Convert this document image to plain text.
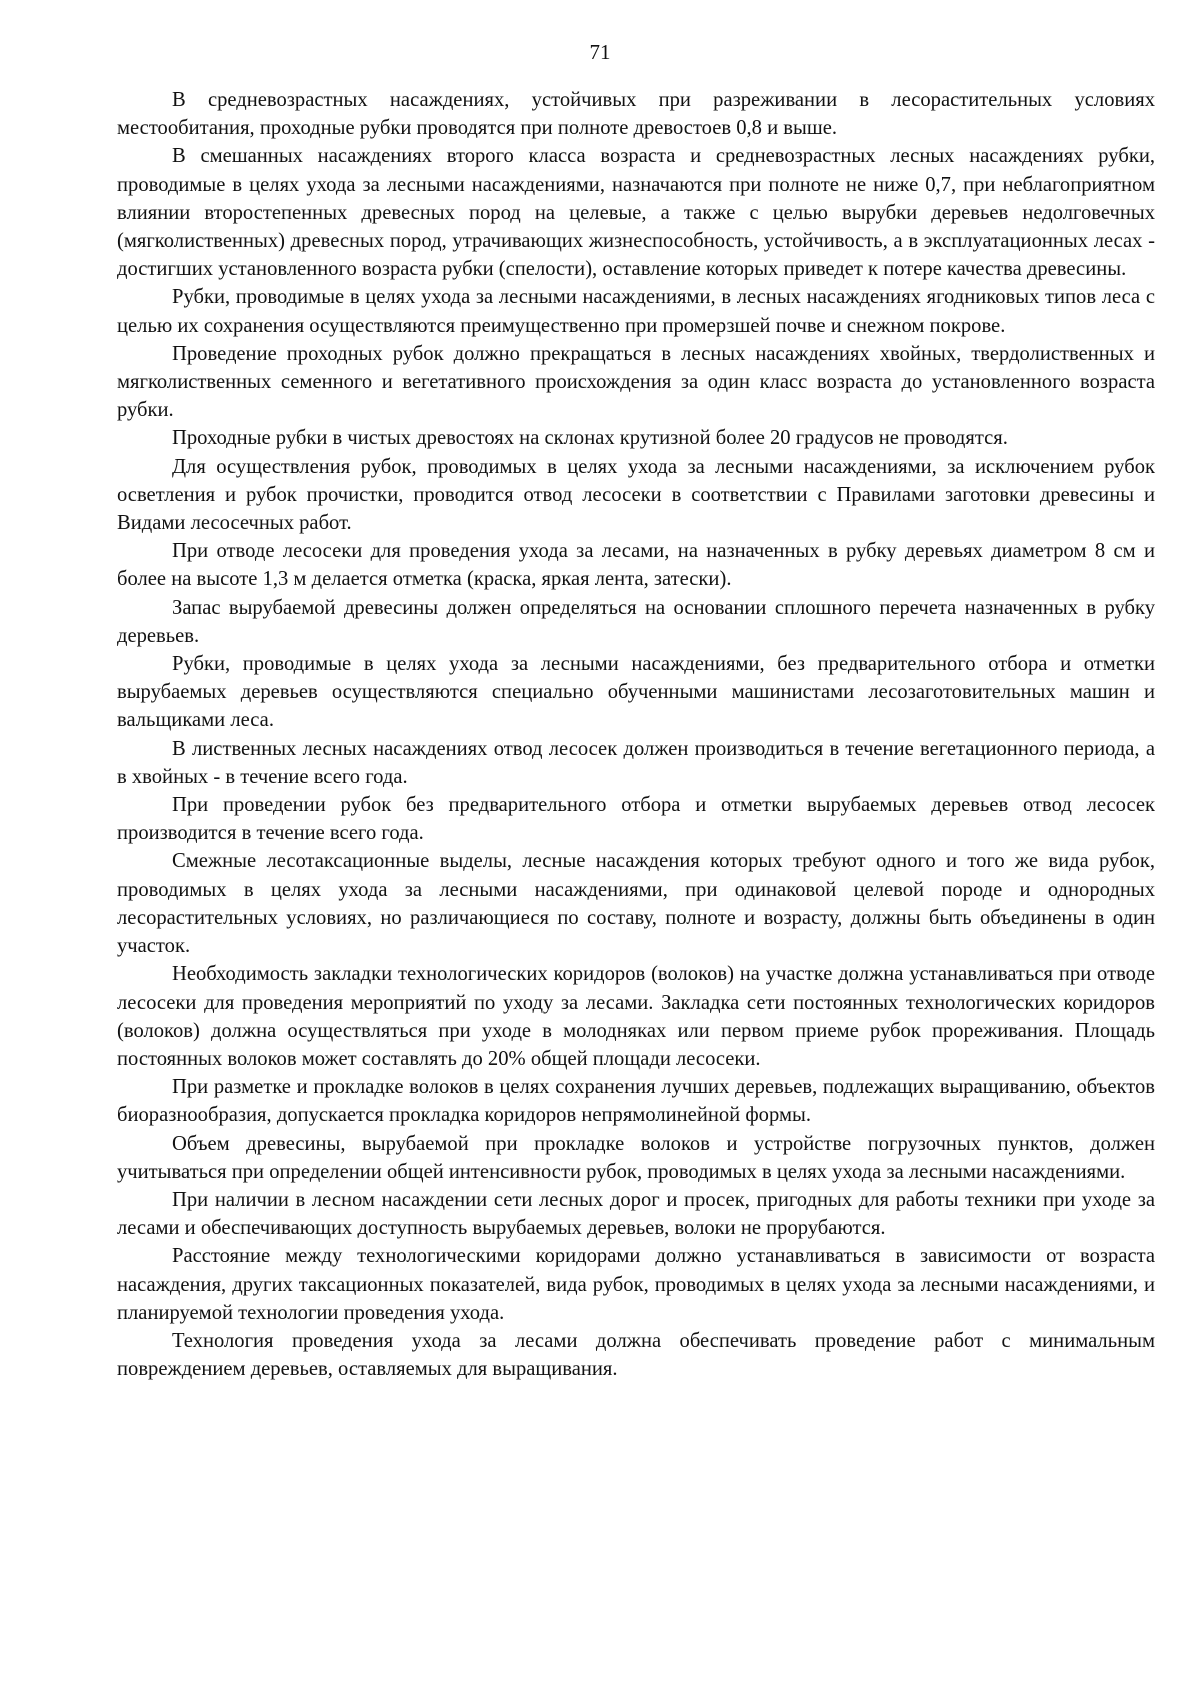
71

В средневозрастных насаждениях, устойчивых при разреживании в лесорастительных условиях местообитания, проходные рубки проводятся при полноте древостоев 0,8 и выше.

В смешанных насаждениях второго класса возраста и средневозрастных лесных насаждениях рубки, проводимые в целях ухода за лесными насаждениями, назначаются при полноте не ниже 0,7, при неблагоприятном влиянии второстепенных древесных пород на целевые, а также с целью вырубки деревьев недолговечных (мягколиственных) древесных пород, утрачивающих жизнеспособность, устойчивость, а в эксплуатационных лесах - достигших установленного возраста рубки (спелости), оставление которых приведет к потере качества древесины.

Рубки, проводимые в целях ухода за лесными насаждениями, в лесных насаждениях ягодниковых типов леса с целью их сохранения осуществляются преимущественно при промерзшей почве и снежном покрове.

Проведение проходных рубок должно прекращаться в лесных насаждениях хвойных, твердолиственных и мягколиственных семенного и вегетативного происхождения за один класс возраста до установленного возраста рубки.

Проходные рубки в чистых древостоях на склонах крутизной более 20 градусов не проводятся.

Для осуществления рубок, проводимых в целях ухода за лесными насаждениями, за исключением рубок осветления и рубок прочистки, проводится отвод лесосеки в соответствии с Правилами заготовки древесины и Видами лесосечных работ.

При отводе лесосеки для проведения ухода за лесами, на назначенных в рубку деревьях диаметром 8 см и более на высоте 1,3 м делается отметка (краска, яркая лента, затески).

Запас вырубаемой древесины должен определяться на основании сплошного перечета назначенных в рубку деревьев.

Рубки, проводимые в целях ухода за лесными насаждениями, без предварительного отбора и отметки вырубаемых деревьев осуществляются специально обученными машинистами лесозаготовительных машин и вальщиками леса.

В лиственных лесных насаждениях отвод лесосек должен производиться в течение вегетационного периода, а в хвойных - в течение всего года.

При проведении рубок без предварительного отбора и отметки вырубаемых деревьев отвод лесосек производится в течение всего года.

Смежные лесотаксационные выделы, лесные насаждения которых требуют одного и того же вида рубок, проводимых в целях ухода за лесными насаждениями, при одинаковой целевой породе и однородных лесорастительных условиях, но различающиеся по составу, полноте и возрасту, должны быть объединены в один участок.

Необходимость закладки технологических коридоров (волоков) на участке должна устанавливаться при отводе лесосеки для проведения мероприятий по уходу за лесами. Закладка сети постоянных технологических коридоров (волоков) должна осуществляться при уходе в молодняках или первом приеме рубок прореживания. Площадь постоянных волоков может составлять до 20% общей площади лесосеки.

При разметке и прокладке волоков в целях сохранения лучших деревьев, подлежащих выращиванию, объектов биоразнообразия, допускается прокладка коридоров непрямолинейной формы.

Объем древесины, вырубаемой при прокладке волоков и устройстве погрузочных пунктов, должен учитываться при определении общей интенсивности рубок, проводимых в целях ухода за лесными насаждениями.

При наличии в лесном насаждении сети лесных дорог и просек, пригодных для работы техники при уходе за лесами и обеспечивающих доступность вырубаемых деревьев, волоки не прорубаются.

Расстояние между технологическими коридорами должно устанавливаться в зависимости от возраста насаждения, других таксационных показателей, вида рубок, проводимых в целях ухода за лесными насаждениями, и планируемой технологии проведения ухода.

Технология проведения ухода за лесами должна обеспечивать проведение работ с минимальным повреждением деревьев, оставляемых для выращивания.
